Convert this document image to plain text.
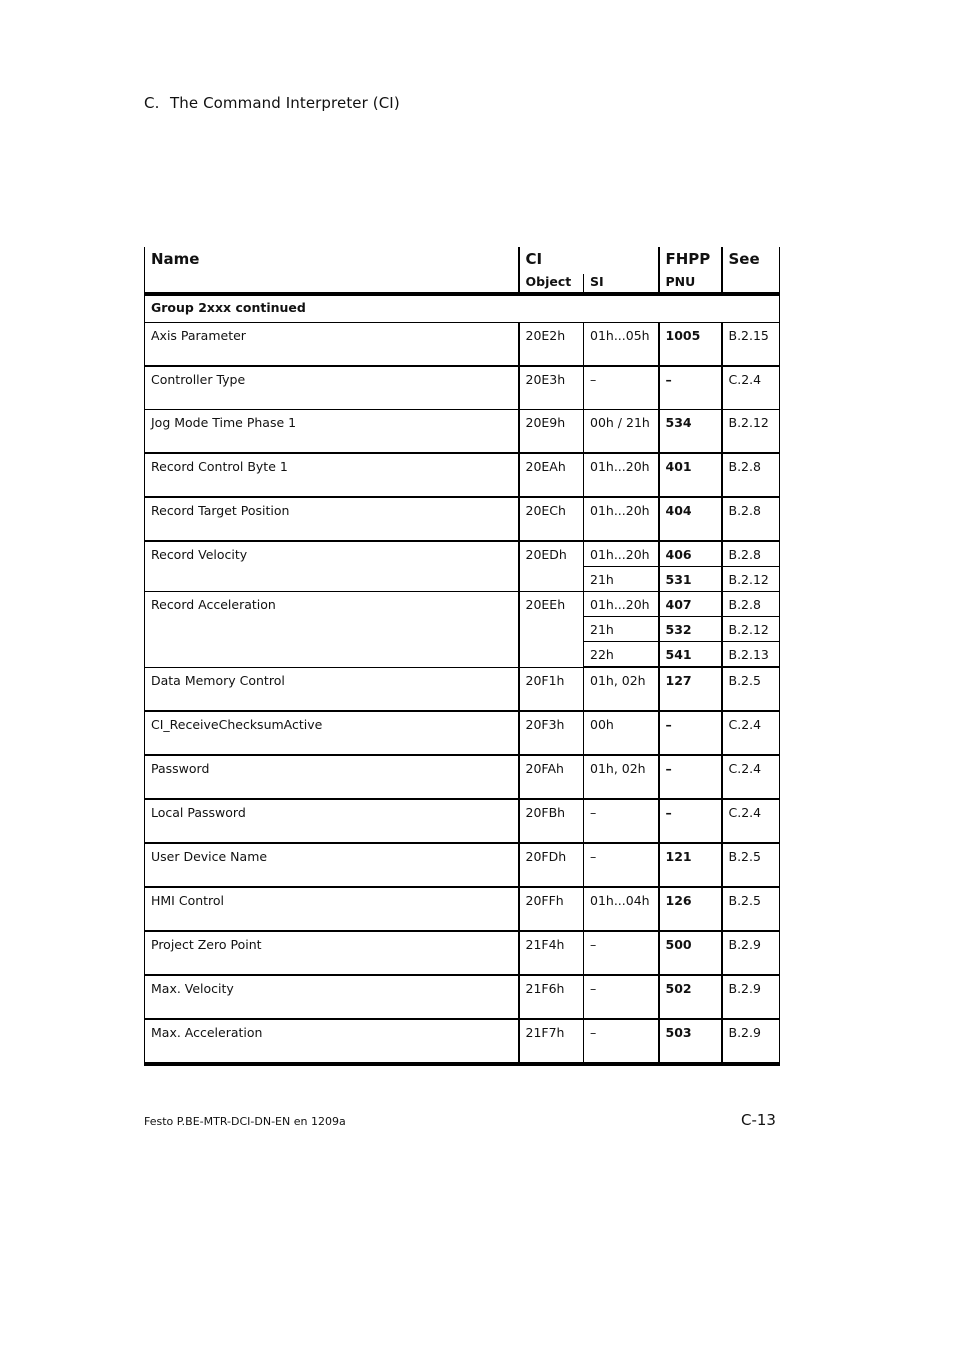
C. The Command Interpreter (CI)
Name	CI		FHPP	See
	Object	SI	PNU	
Group 2xxx continued				
Axis Parameter	20E2h	01h...05h	1005	B.2.15
Controller Type	20E3h	–	–	C.2.4
Jog Mode Time Phase 1	20E9h	00h / 21h	534	B.2.12
Record Control Byte 1	20EAh	01h...20h	401	B.2.8
Record Target Position	20ECh	01h...20h	404	B.2.8
Record Velocity	20EDh	01h...20h	406	B.2.8
		21h	531	B.2.12
Record Acceleration	20EEh	01h...20h	407	B.2.8
		21h	532	B.2.12
		22h	541	B.2.13
Data Memory Control	20F1h	01h, 02h	127	B.2.5
CI_ReceiveChecksumActive	20F3h	00h	–	C.2.4
Password	20FAh	01h, 02h	–	C.2.4
Local Password	20FBh	–	–	C.2.4
User Device Name	20FDh	–	121	B.2.5
HMI Control	20FFh	01h...04h	126	B.2.5
Project Zero Point	21F4h	–	500	B.2.9
Max. Velocity	21F6h	–	502	B.2.9
Max. Acceleration	21F7h	–	503	B.2.9
Festo P.BE-MTR-DCI-DN-EN en 1209a	C-13
